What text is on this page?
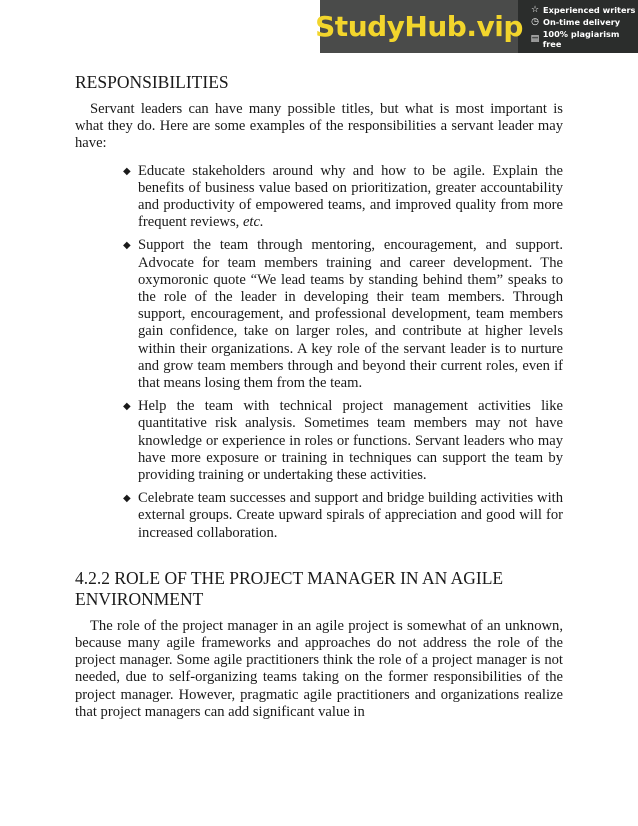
StudyHub.vip
☆ Experienced writers
◷ On-time delivery
▤ 100% plagiarism free
RESPONSIBILITIES

Servant leaders can have many possible titles, but what is most important is what they do. Here are some examples of the responsibilities a servant leader may have:

◆ Educate stakeholders around why and how to be agile. Explain the benefits of business value based on prioritization, greater accountability and productivity of empowered teams, and improved quality from more frequent reviews, etc.
◆ Support the team through mentoring, encouragement, and support. Advocate for team members training and career development. The oxymoronic quote “We lead teams by standing behind them” speaks to the role of the leader in developing their team members. Through support, encouragement, and professional development, team members gain confidence, take on larger roles, and contribute at higher levels within their organizations. A key role of the servant leader is to nurture and grow team members through and beyond their current roles, even if that means losing them from the team.
◆ Help the team with technical project management activities like quantitative risk analysis. Sometimes team members may not have knowledge or experience in roles or functions. Servant leaders who may have more exposure or training in techniques can support the team by providing training or undertaking these activities.
◆ Celebrate team successes and support and bridge building activities with external groups. Create upward spirals of appreciation and good will for increased collaboration.
4.2.2 ROLE OF THE PROJECT MANAGER IN AN AGILE ENVIRONMENT

The role of the project manager in an agile project is somewhat of an unknown, because many agile frameworks and approaches do not address the role of the project manager. Some agile practitioners think the role of a project manager is not needed, due to self-organizing teams taking on the former responsibilities of the project manager. However, pragmatic agile practitioners and organizations realize that project managers can add significant value in
